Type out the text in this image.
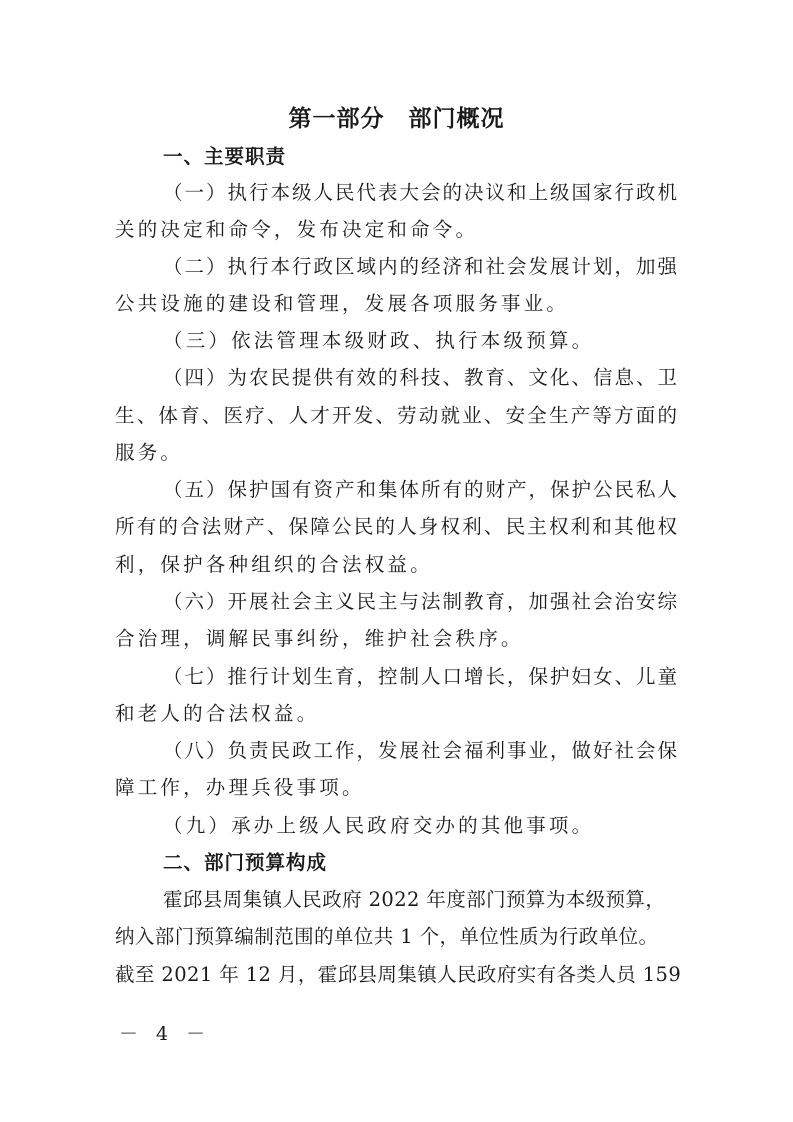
第一部分　部门概况
一、主要职责
（一）执行本级人民代表大会的决议和上级国家行政机
关的决定和命令，发布决定和命令。
（二）执行本行政区域内的经济和社会发展计划，加强
公共设施的建设和管理，发展各项服务事业。
（三）依法管理本级财政、执行本级预算。
（四）为农民提供有效的科技、教育、文化、信息、卫
生、体育、医疗、人才开发、劳动就业、安全生产等方面的
服务。
（五）保护国有资产和集体所有的财产，保护公民私人
所有的合法财产、保障公民的人身权利、民主权利和其他权
利，保护各种组织的合法权益。
（六）开展社会主义民主与法制教育，加强社会治安综
合治理，调解民事纠纷，维护社会秩序。
（七）推行计划生育，控制人口增长，保护妇女、儿童
和老人的合法权益。
（八）负责民政工作，发展社会福利事业，做好社会保
障工作，办理兵役事项。
（九）承办上级人民政府交办的其他事项。
二、部门预算构成
霍邱县周集镇人民政府 2022 年度部门预算为本级预算，
纳入部门预算编制范围的单位共 1 个，单位性质为行政单位。
截至 2021 年 12 月，霍邱县周集镇人民政府实有各类人员 159
－ 4 －
